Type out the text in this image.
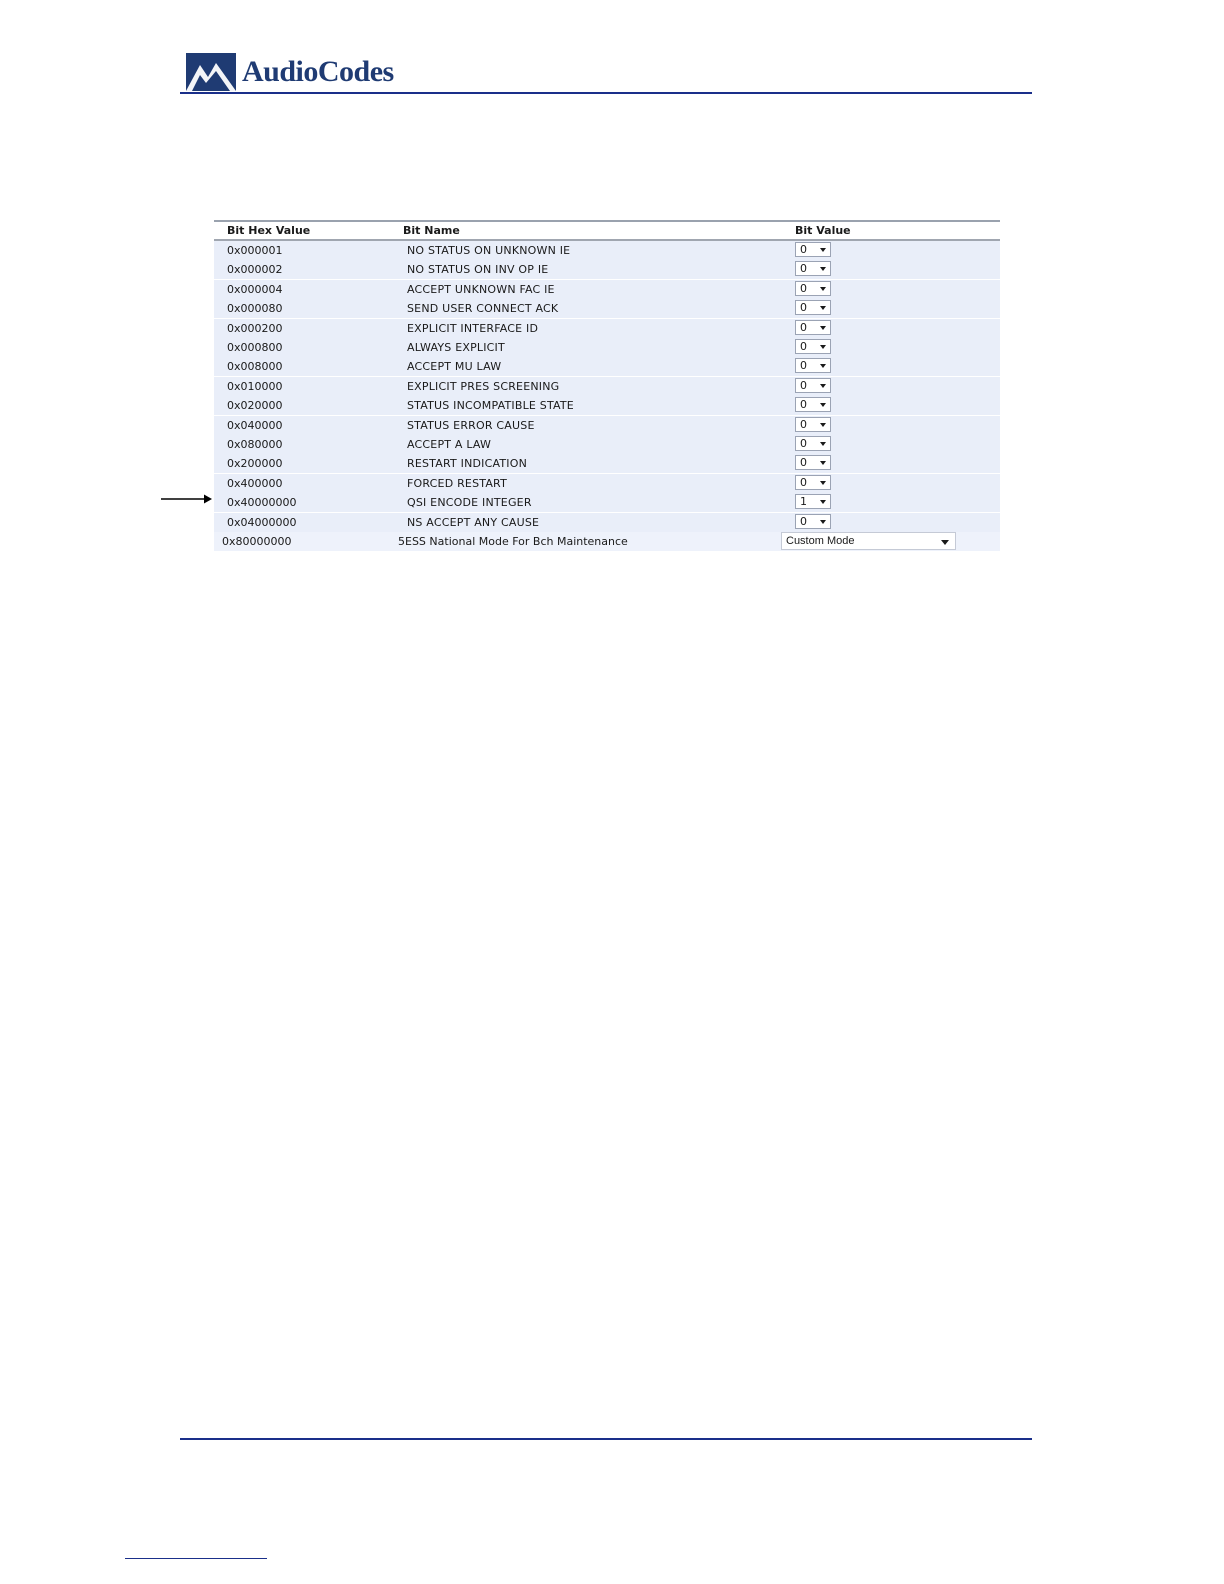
AudioCodes
Bit Hex Value	Bit Name	Bit Value
0x000001	NO STATUS ON UNKNOWN IE	0
0x000002	NO STATUS ON INV OP IE	0
0x000004	ACCEPT UNKNOWN FAC IE	0
0x000080	SEND USER CONNECT ACK	0
0x000200	EXPLICIT INTERFACE ID	0
0x000800	ALWAYS EXPLICIT	0
0x008000	ACCEPT MU LAW	0
0x010000	EXPLICIT PRES SCREENING	0
0x020000	STATUS INCOMPATIBLE STATE	0
0x040000	STATUS ERROR CAUSE	0
0x080000	ACCEPT A LAW	0
0x200000	RESTART INDICATION	0
0x400000	FORCED RESTART	0
0x40000000	QSI ENCODE INTEGER	1
0x04000000	NS ACCEPT ANY CAUSE	0
0x80000000	5ESS National Mode For Bch Maintenance	Custom Mode
